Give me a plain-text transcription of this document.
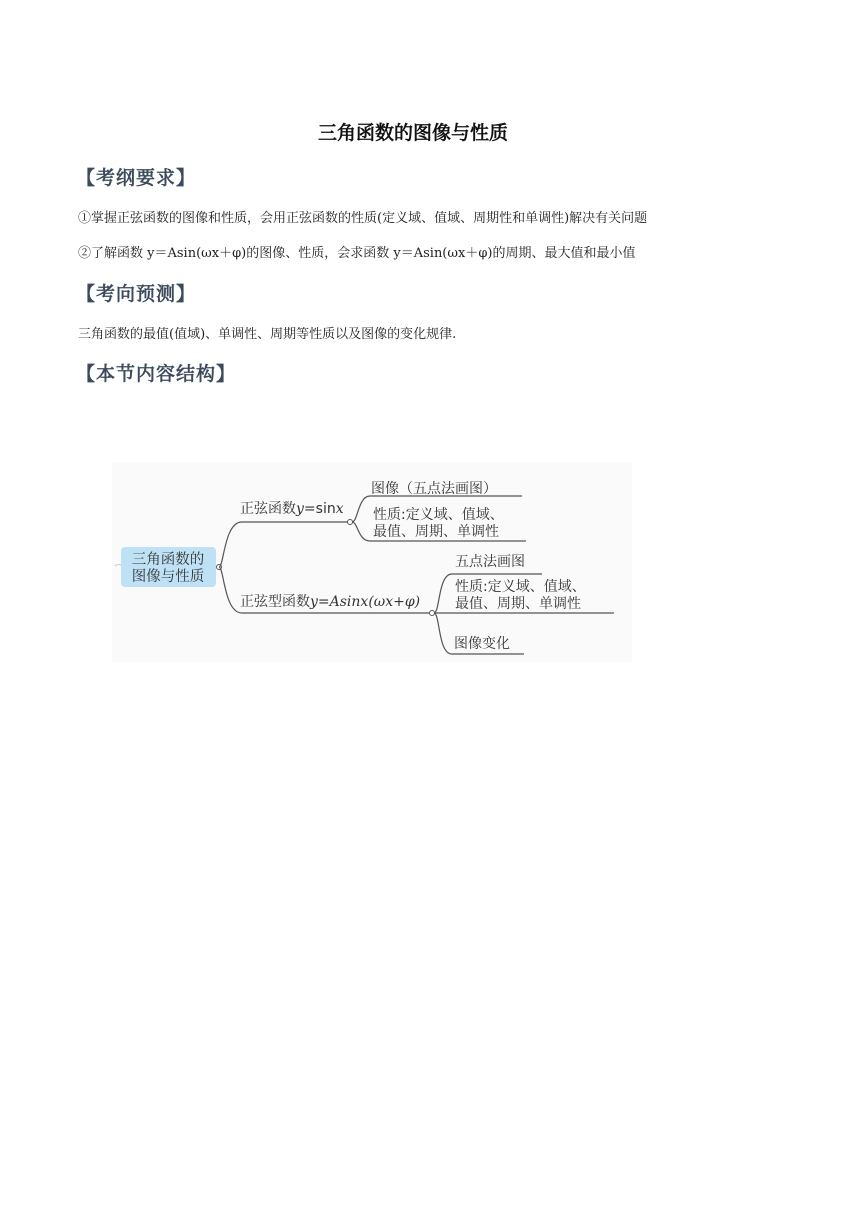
三角函数的图像与性质
【考纲要求】
①掌握正弦函数的图像和性质，会用正弦函数的性质(定义域、值域、周期性和单调性)解决有关问题
②了解函数 y＝Asin(ωx＋φ)的图像、性质，会求函数 y＝Asin(ωx＋φ)的周期、最大值和最小值
【考向预测】
三角函数的最值(值域)、单调性、周期等性质以及图像的变化规律.
【本节内容结构】
三角函数的
图像与性质
正弦函数y=sinx
图像（五点法画图）
性质:定义域、值域、
最值、周期、单调性
正弦型函数y=Asinx(ωx+φ)
五点法画图
性质:定义域、值域、
最值、周期、单调性
图像变化
